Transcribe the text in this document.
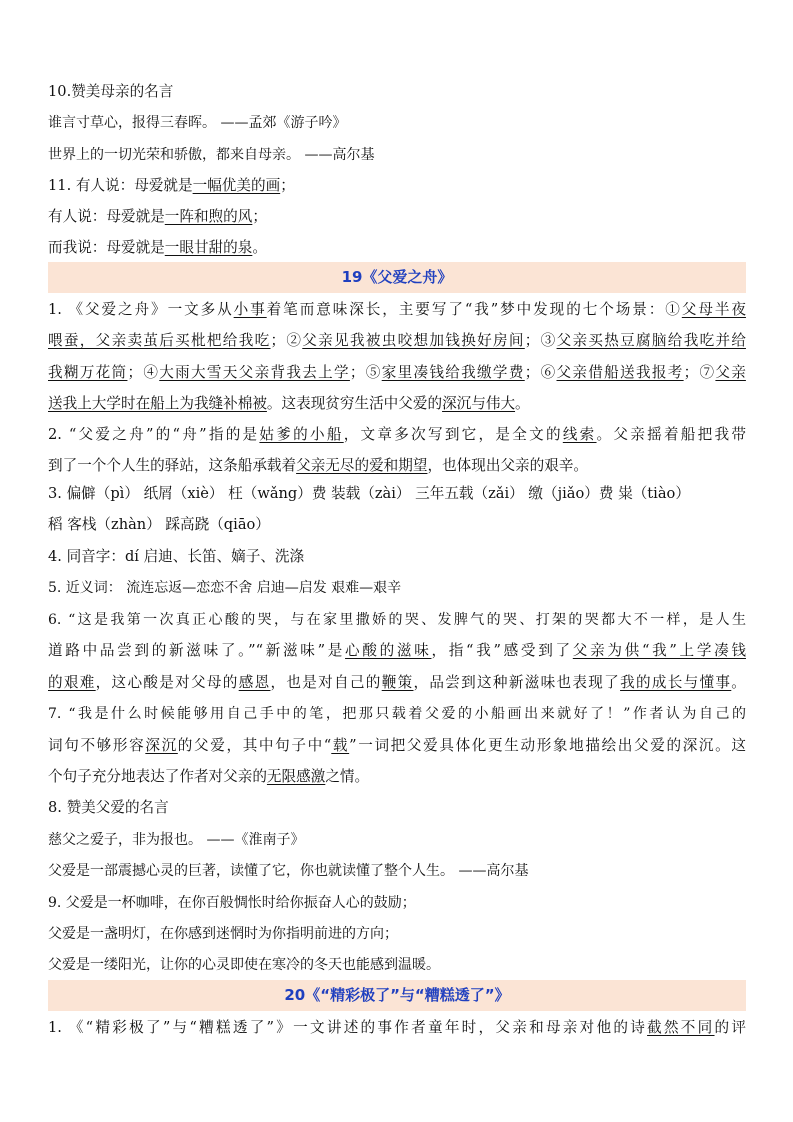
10.赞美母亲的名言
谁言寸草心，报得三春晖。 ——孟郊《游子吟》
世界上的一切光荣和骄傲，都来自母亲。 ——高尔基
11. 有人说：母爱就是一幅优美的画；
有人说：母爱就是一阵和煦的风；
而我说：母爱就是一眼甘甜的泉。
19《父爱之舟》
1. 《父爱之舟》一文多从小事着笔而意味深长，主要写了“我”梦中发现的七个场景：①父母半夜
喂蚕，父亲卖茧后买枇杷给我吃；②父亲见我被虫咬想加钱换好房间；③父亲买热豆腐脑给我吃并给
我糊万花筒；④大雨大雪天父亲背我去上学；⑤家里凑钱给我缴学费；⑥父亲借船送我报考；⑦父亲
送我上大学时在船上为我缝补棉被。这表现贫穷生活中父爱的深沉与伟大。
2. “父爱之舟”的“舟”指的是姑爹的小船，文章多次写到它，是全文的线索。父亲摇着船把我带
到了一个个人生的驿站，这条船承载着父亲无尽的爱和期望，也体现出父亲的艰辛。
3. 偏僻（pì） 纸屑（xiè） 枉（wǎng）费 装载（zài） 三年五载（zǎi） 缴（jiǎo）费 粜（tiào）
稻 客栈（zhàn） 踩高跷（qiāo）
4. 同音字：dí 启迪、长笛、嫡子、洗涤
5. 近义词： 流连忘返—恋恋不舍 启迪—启发 艰难—艰辛
6. “这是我第一次真正心酸的哭，与在家里撒娇的哭、发脾气的哭、打架的哭都大不一样，是人生
道路中品尝到的新滋味了。”“新滋味”是心酸的滋味，指“我”感受到了父亲为供“我”上学凑钱
的艰难，这心酸是对父母的感恩，也是对自己的鞭策，品尝到这种新滋味也表现了我的成长与懂事。
7. “我是什么时候能够用自己手中的笔，把那只载着父爱的小船画出来就好了！”作者认为自己的
词句不够形容深沉的父爱，其中句子中“载”一词把父爱具体化更生动形象地描绘出父爱的深沉。这
个句子充分地表达了作者对父亲的无限感激之情。
8. 赞美父爱的名言
慈父之爱子，非为报也。 ——《淮南子》
父爱是一部震撼心灵的巨著，读懂了它，你也就读懂了整个人生。 ——高尔基
9. 父爱是一杯咖啡，在你百般惆怅时给你振奋人心的鼓励；
父爱是一盏明灯，在你感到迷惘时为你指明前进的方向；
父爱是一缕阳光，让你的心灵即使在寒冷的冬天也能感到温暖。
20《“精彩极了”与“糟糕透了”》
1. 《“精彩极了”与“糟糕透了”》一文讲述的事作者童年时，父亲和母亲对他的诗截然不同的评
